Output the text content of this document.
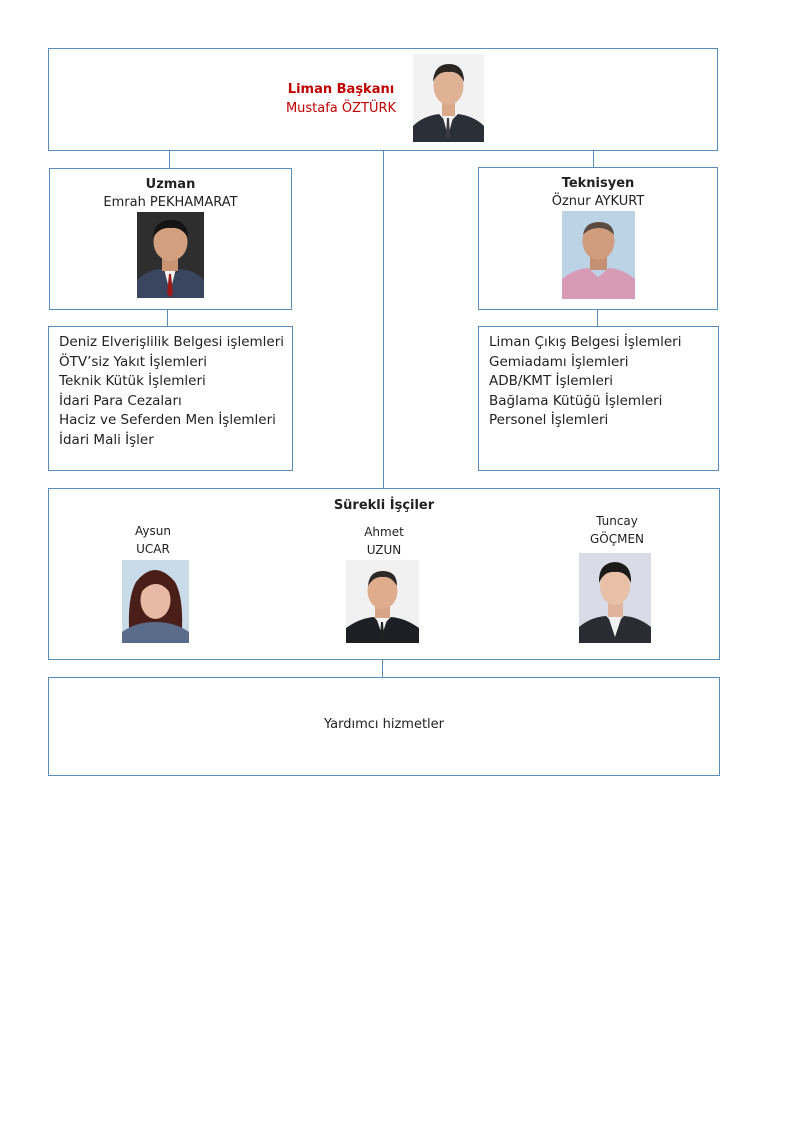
Liman Başkanı
Mustafa ÖZTÜRK
Uzman
Emrah PEKHAMARAT
Teknisyen
Öznur AYKURT
Deniz Elverişlilik Belgesi işlemleri
ÖTV’siz Yakıt İşlemleri
Teknik Kütük İşlemleri
İdari Para Cezaları
Haciz ve Seferden Men İşlemleri
İdari Mali İşler
Liman Çıkış Belgesi İşlemleri
Gemiadamı İşlemleri
ADB/KMT İşlemleri
Bağlama Kütüğü İşlemleri
Personel İşlemleri
Sürekli İşçiler
Aysun
UCAR
Ahmet
UZUN
Tuncay
GÖÇMEN
Yardımcı hizmetler
